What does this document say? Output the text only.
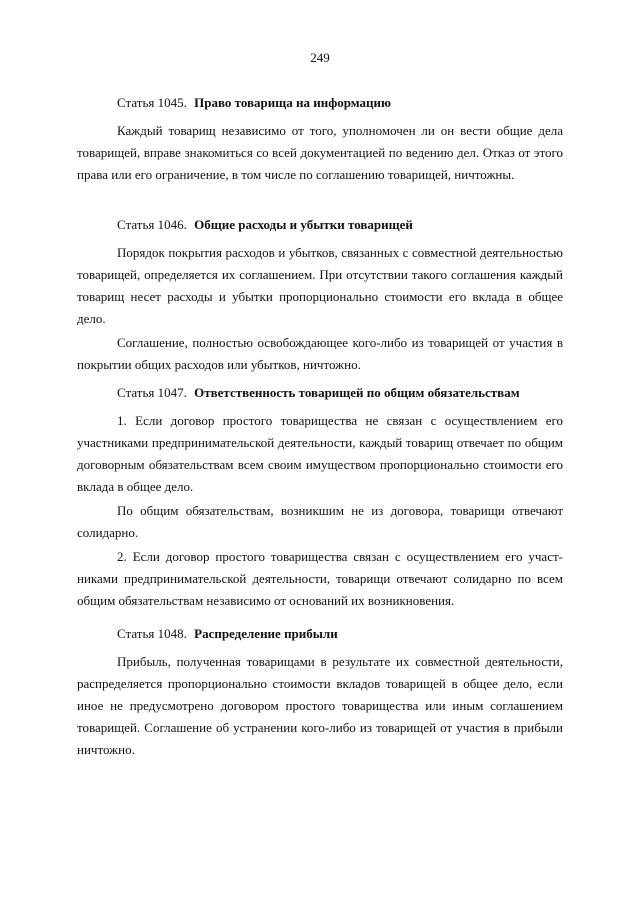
249
Статья 1045. Право товарища на информацию

Каждый товарищ независимо от того, уполномочен ли он вести общие дела товарищей, вправе знакомиться со всей документацией по ведению дел. Отказ от этого права или его ограничение, в том числе по соглашению товарищей, ничтожны.

Статья 1046. Общие расходы и убытки товарищей

Порядок покрытия расходов и убытков, связанных с совместной деятельностью товарищей, определяется их соглашением. При отсутствии такого соглашения каждый товарищ несет расходы и убытки пропорционально стоимости его вклада в общее дело.

Соглашение, полностью освобождающее кого-либо из товарищей от участия в покрытии общих расходов или убытков, ничтожно.

Статья 1047. Ответственность товарищей по общим обязательствам

1. Если договор простого товарищества не связан с осуществлением его участниками предпринимательской деятельности, каждый товарищ отвечает по общим договорным обязательствам всем своим имуществом пропорционально стоимости его вклада в общее дело.

По общим обязательствам, возникшим не из договора, товарищи отвечают солидарно.

2. Если договор простого товарищества связан с осуществлением его участниками предпринимательской деятельности, товарищи отвечают солидарно по всем общим обязательствам независимо от оснований их возникновения.

Статья 1048. Распределение прибыли

Прибыль, полученная товарищами в результате их совместной деятельности, распределяется пропорционально стоимости вкладов товарищей в общее дело, если иное не предусмотрено договором простого товарищества или иным соглашением товарищей. Соглашение об устранении кого-либо из товарищей от участия в прибыли ничтожно.
